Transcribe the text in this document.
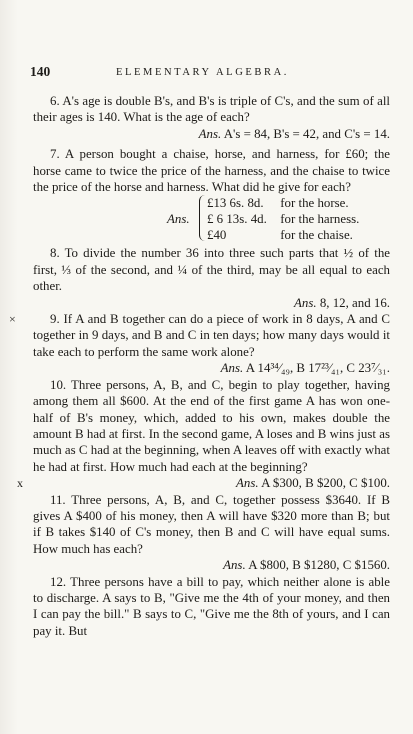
140	ELEMENTARY ALGEBRA.

6. A's age is double B's, and B's is triple of C's, and the sum of all their ages is 140. What is the age of each?

Ans. A's = 84, B's = 42, and C's = 14.

7. A person bought a chaise, horse, and harness, for £60; the horse came to twice the price of the harness, and the chaise to twice the price of the horse and harness. What did he give for each?

Ans.
£13 6s. 8d. for the horse.
£ 6 13s. 4d. for the harness.
£40	for the chaise.

8. To divide the number 36 into three such parts that ½ of the first, ⅓ of the second, and ¼ of the third, may be all equal to each other.

Ans. 8, 12, and 16.

×	9. If A and B together can do a piece of work in 8 days, A and C together in 9 days, and B and C in ten days; how many days would it take each to perform the same work alone?

Ans. A 14³⁴⁄₄₉, B 17²³⁄₄₁, C 23⁷⁄₃₁.

10. Three persons, A, B, and C, begin to play together, having among them all $600. At the end of the first game A has won one-half of B's money, which, added to his own, makes double the amount B had at first. In the second game, A loses and B wins just as much as C had at the beginning, when A leaves off with exactly what he had at first. How much had each at the beginning?

x	Ans. A $300, B $200, C $100.

11. Three persons, A, B, and C, together possess $3640. If B gives A $400 of his money, then A will have $320 more than B; but if B takes $140 of C's money, then B and C will have equal sums. How much has each?

Ans. A $800, B $1280, C $1560.

12. Three persons have a bill to pay, which neither alone is able to discharge. A says to B, "Give me the 4th of your money, and then I can pay the bill." B says to C, "Give me the 8th of yours, and I can pay it. But
